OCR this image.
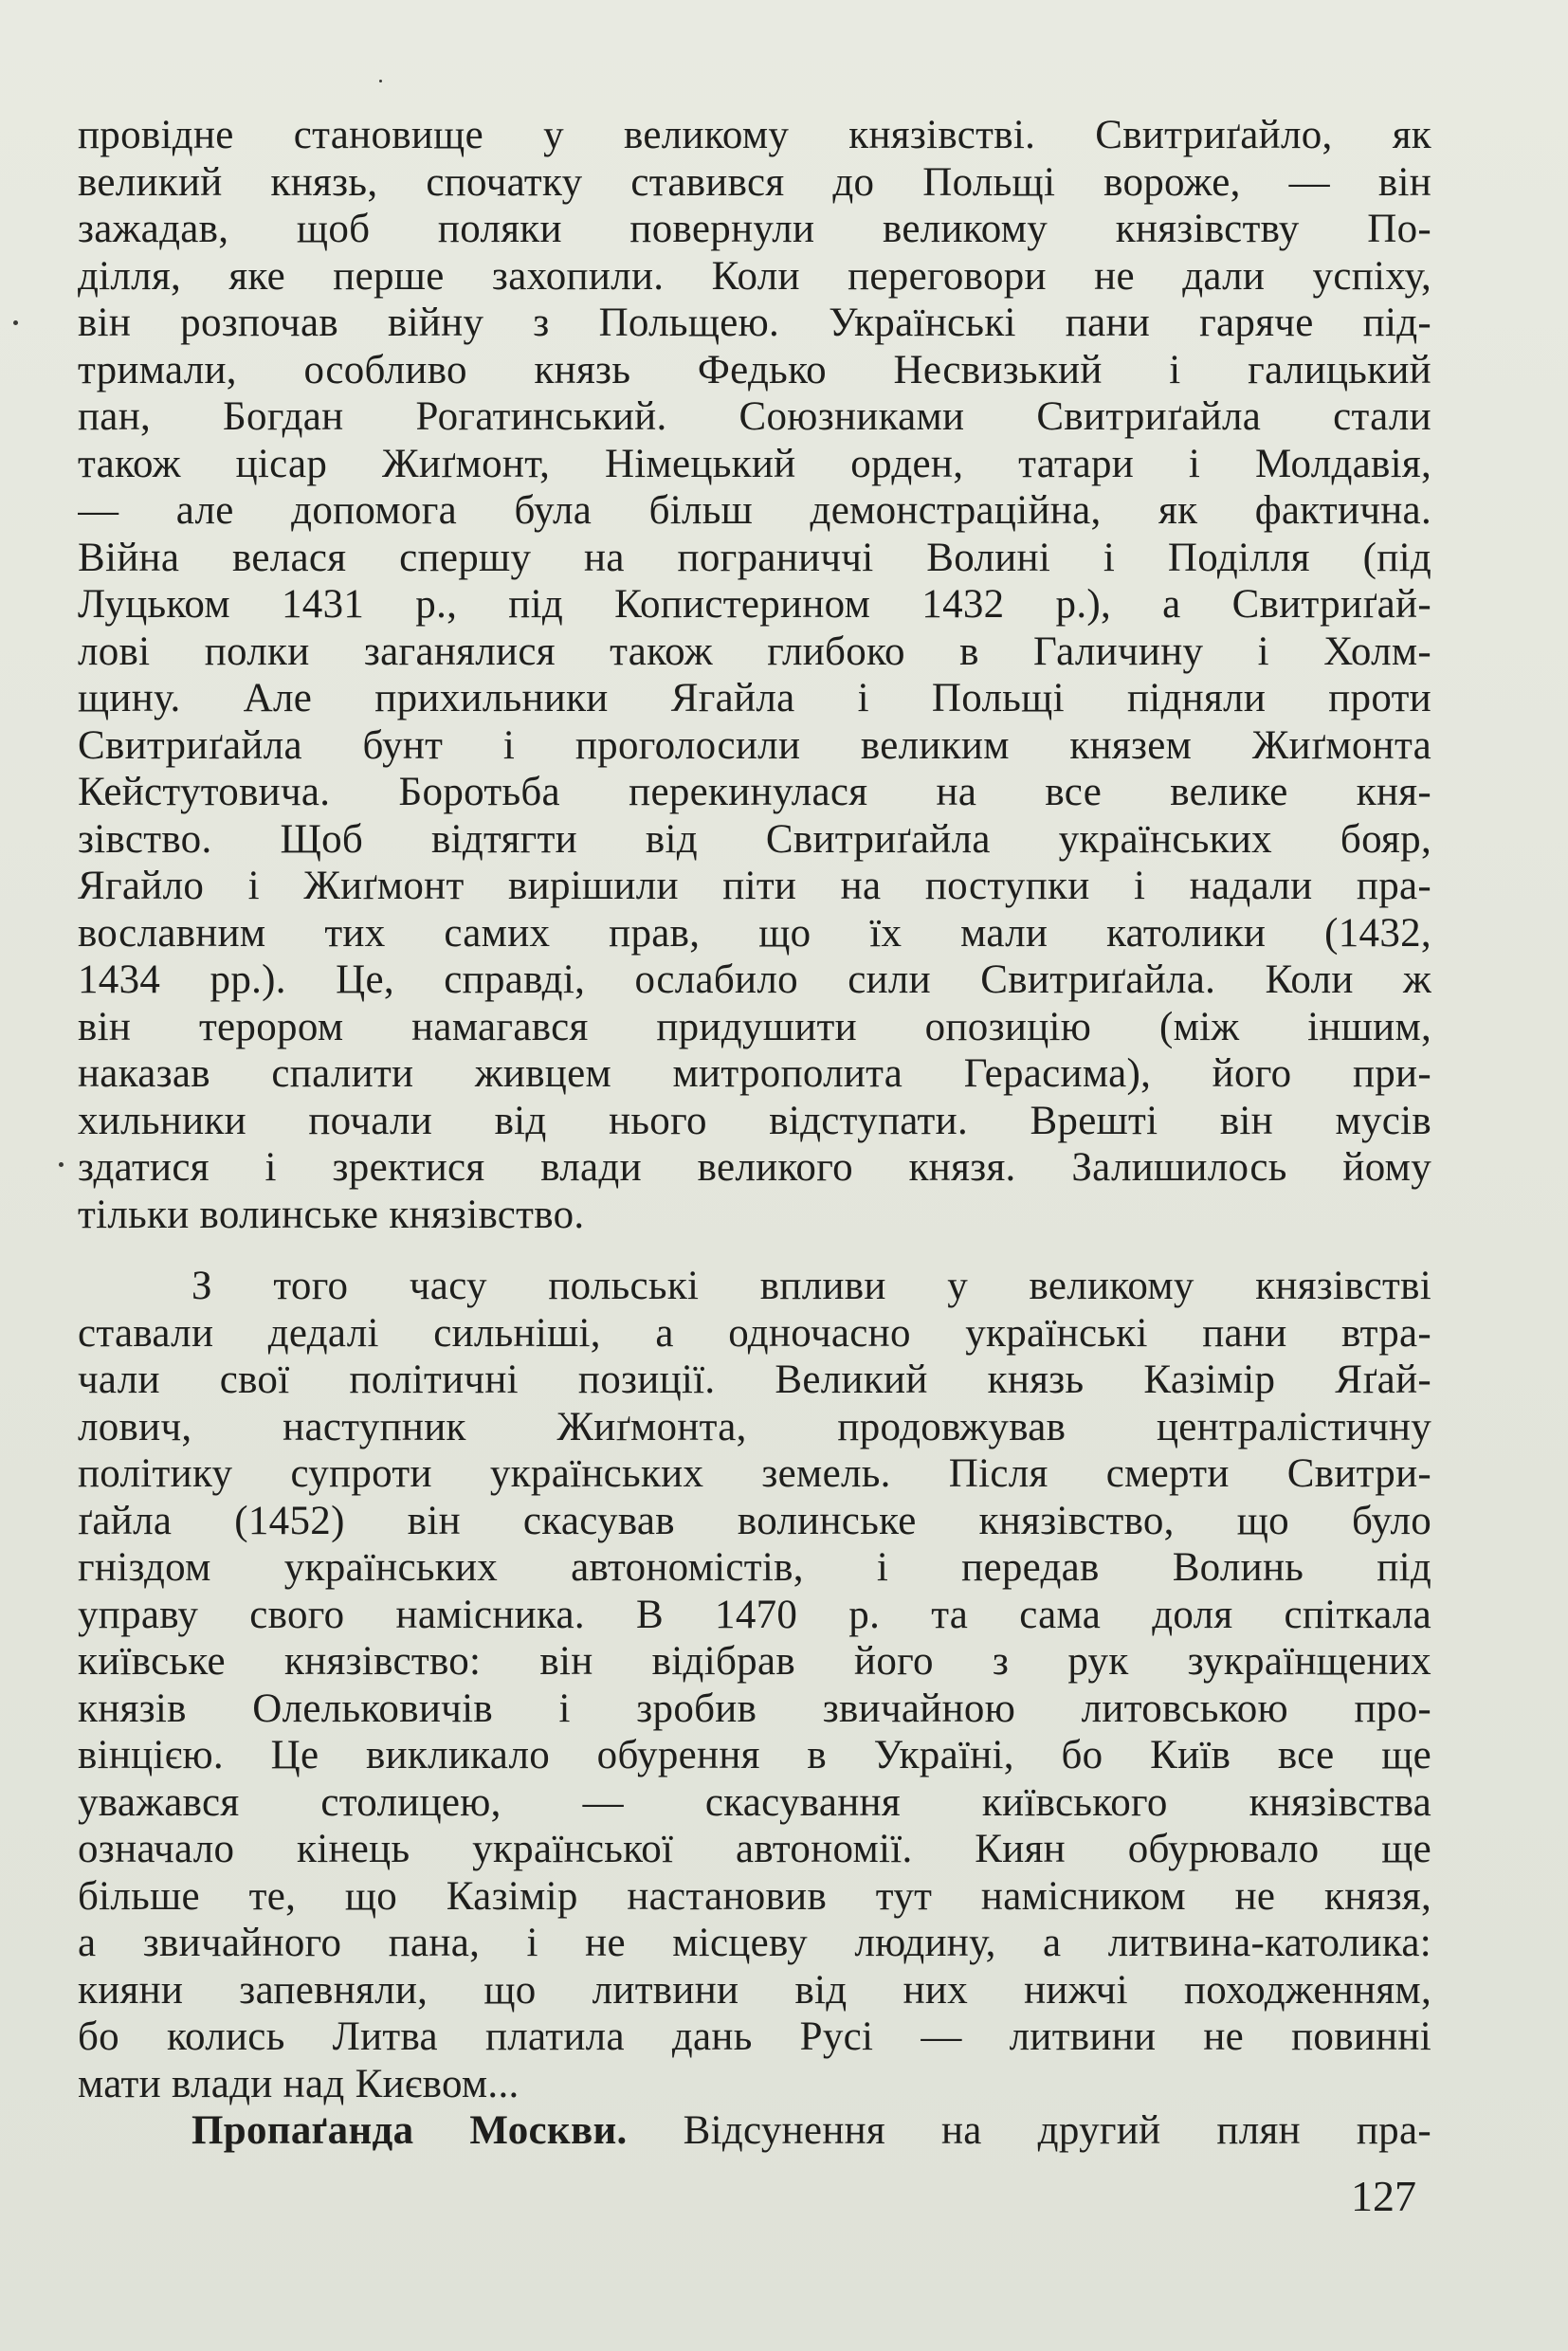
провідне становище у великому князівстві. Свитриґайло, як
великий князь, спочатку ставився до Польщі вороже, — він
зажадав, щоб поляки повернули великому князівству По-
ділля, яке перше захопили. Коли переговори не дали успіху,
він розпочав війну з Польщею. Українські пани гаряче під-
тримали, особливо князь Федько Несвизький і галицький
пан, Богдан Рогатинський. Союзниками Свитриґайла стали
також цісар Жиґмонт, Німецький орден, татари і Молдавія,
— але допомога була більш демонстраційна, як фактична.
Війна велася спершу на пограниччі Волині і Поділля (під
Луцьком 1431 р., під Копистерином 1432 р.), а Свитриґай-
лові полки заганялися також глибоко в Галичину і Холм-
щину. Але прихильники Ягайла і Польщі підняли проти
Свитриґайла бунт і проголосили великим князем Жиґмонта
Кейстутовича. Боротьба перекинулася на все велике кня-
зівство. Щоб відтягти від Свитриґайла українських бояр,
Ягайло і Жиґмонт вирішили піти на поступки і надали пра-
вославним тих самих прав, що їх мали католики (1432,
1434 рр.). Це, справді, ослабило сили Свитриґайла. Коли ж
він терором намагався придушити опозицію (між іншим,
наказав спалити живцем митрополита Герасима), його при-
хильники почали від нього відступати. Врешті він мусів
здатися і зректися влади великого князя. Залишилось йому
тільки волинське князівство.
З того часу польські впливи у великому князівстві
ставали дедалі сильніші, а одночасно українські пани втра-
чали свої політичні позиції. Великий князь Казімір Яґай-
лович, наступник Жиґмонта, продовжував централістичну
політику супроти українських земель. Після смерти Свитри-
ґайла (1452) він скасував волинське князівство, що було
гніздом українських автономістів, і передав Волинь під
управу свого намісника. В 1470 р. та сама доля спіткала
київське князівство: він відібрав його з рук зукраїнщених
князів Олельковичів і зробив звичайною литовською про-
вінцією. Це викликало обурення в Україні, бо Київ все ще
уважався столицею, — скасування київського князівства
означало кінець української автономії. Киян обурювало ще
більше те, що Казімір настановив тут намісником не князя,
а звичайного пана, і не місцеву людину, а литвина-католика:
кияни запевняли, що литвини від них нижчі походженням,
бо колись Литва платила дань Русі — литвини не повинні
мати влади над Києвом...
Пропаґанда Москви. Відсунення на другий плян пра-
127
